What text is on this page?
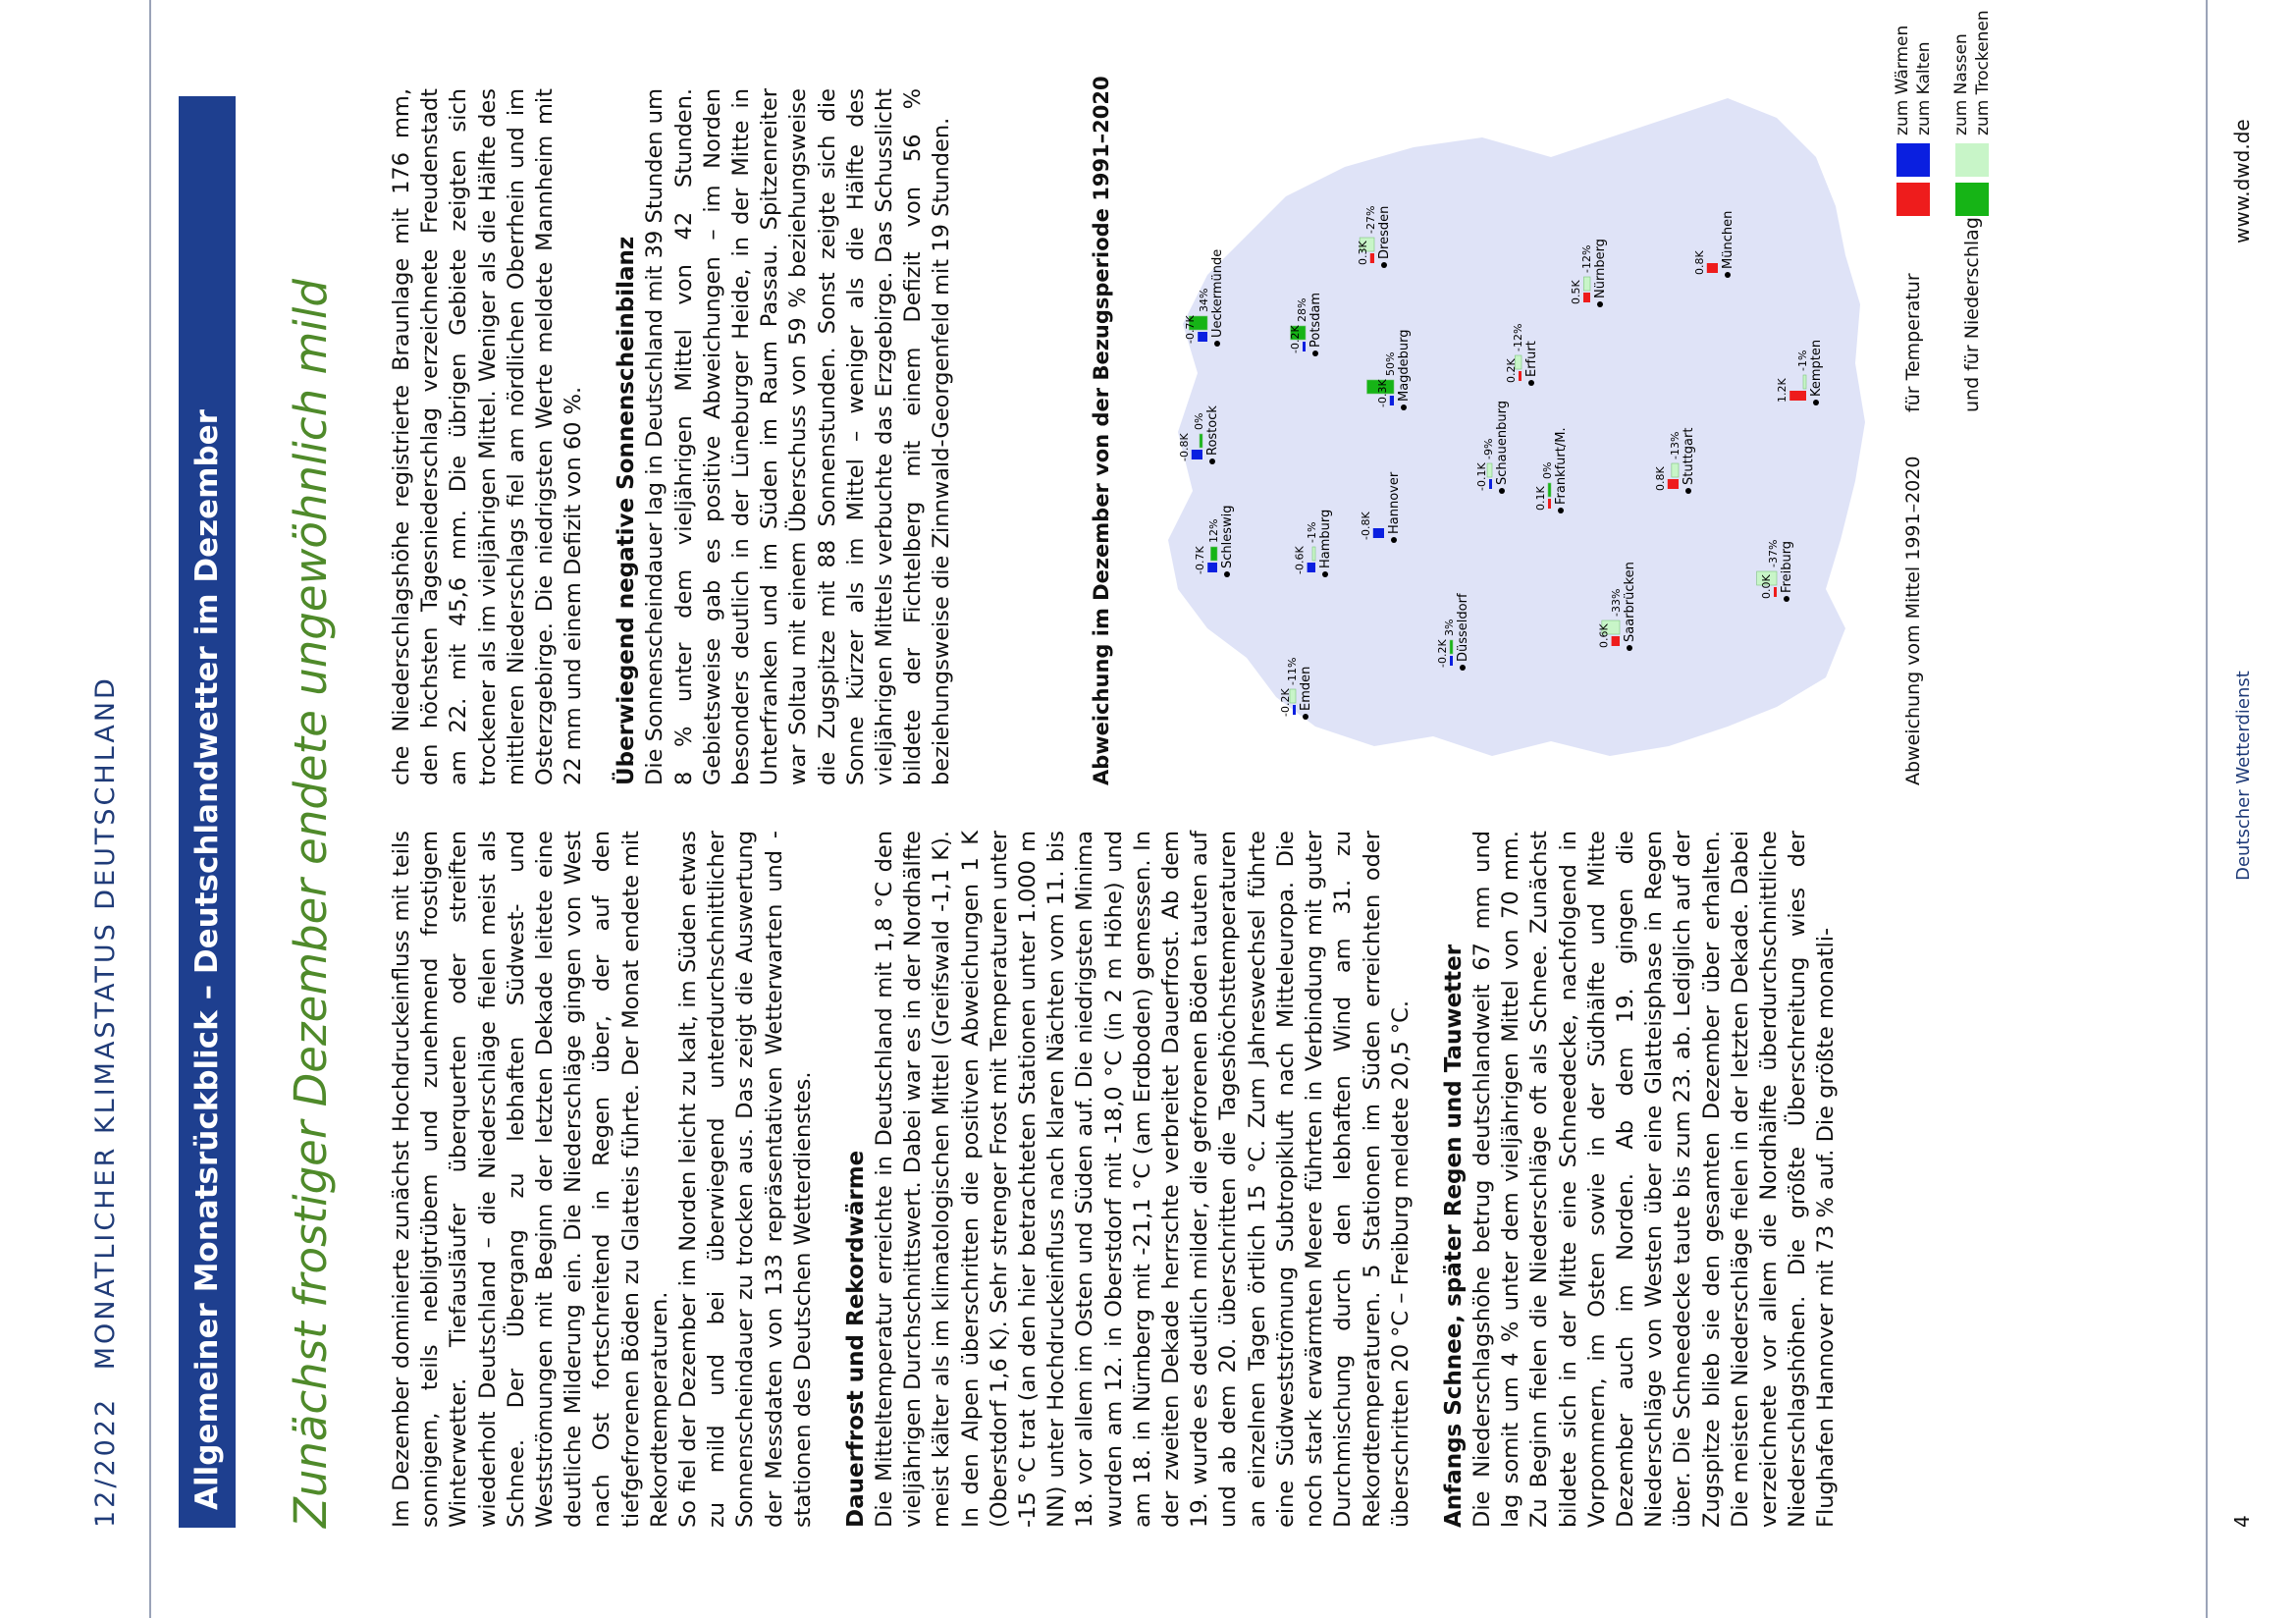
12/2022 MONATLICHER KLIMASTATUS DEUTSCHLAND	Allgemeiner Monatsrückblick – Deutschlandwetter im Dezember Zunächst frostiger Dezember endete ungewöhnlich mild Im Dezember dominierte zunächst Hochdruckeinfluss mit teils sonnigem, teils nebligtrübem und zunehmend frostigem Winterwetter. Tiefausläufer überquerten oder streiften wiederholt Deutschland – die Niederschläge fielen meist als Schnee. Der Übergang zu lebhaften Südwest- und Westströmungen mit Beginn der letzten Dekade leitete eine deutliche Milderung ein. Die Niederschläge gingen von West nach Ost fortschreitend in Regen über, der auf den tiefgefrorenen Böden zu Glatteis führte. Der Monat endete mit Rekordtemperaturen. So fiel der Dezember im Norden leicht zu kalt, im Süden etwas zu mild und bei überwiegend unterdurchschnittlicher Sonnenscheindauer zu trocken aus. Das zeigt die Auswertung der Messdaten von 133 repräsentativen Wetterwarten und -stationen des Deutschen Wetterdienstes. Dauerfrost und Rekordwärme Die Mitteltemperatur erreichte in Deutschland mit 1,8 °C den vieljährigen Durchschnittswert. Dabei war es in der Nordhälfte meist kälter als im klimatologischen Mittel (Greifswald -1,1 K). In den Alpen überschritten die positiven Abweichungen 1 K (Oberstdorf 1,6 K). Sehr strenger Frost mit Temperaturen unter -15 °C trat (an den hier betrachteten Stationen unter 1.000 m NN) unter Hochdruckeinfluss nach klaren Nächten vom 11. bis 18. vor allem im Osten und Süden auf. Die niedrigsten Minima wurden am 12. in Oberstdorf mit -18,0 °C (in 2 m Höhe) und am 18. in Nürnberg mit -21,1 °C (am Erdboden) gemessen. In der zweiten Dekade herrschte verbreitet Dauerfrost. Ab dem 19. wurde es deutlich milder, die gefrorenen Böden tauten auf und ab dem 20. überschritten die Tageshöchsttemperaturen an einzelnen Tagen örtlich 15 °C. Zum Jahreswechsel führte eine Südwestströmung Subtropikluft nach Mitteleuropa. Die noch stark erwärmten Meere führten in Verbindung mit guter Durchmischung durch den lebhaften Wind am 31. zu Rekordtemperaturen. 5 Stationen im Süden erreichten oder überschritten 20 °C – Freiburg meldete 20,5 °C. Anfangs Schnee, später Regen und Tauwetter Die Niederschlagshöhe betrug deutschlandweit 67 mm und lag somit um 4 % unter dem vieljährigen Mittel von 70 mm. Zu Beginn fielen die Niederschläge oft als Schnee. Zunächst bildete sich in der Mitte eine Schneedecke, nachfolgend in Vorpommern, im Osten sowie in der Südhälfte und Mitte Dezember auch im Norden. Ab dem 19. gingen die Niederschläge von Westen über eine Glatteisphase in Regen über. Die Schneedecke taute bis zum 23. ab. Lediglich auf der Zugspitze blieb sie den gesamten Dezember über erhalten. Die meisten Niederschläge fielen in der letzten Dekade. Dabei verzeichnete vor allem die Nordhälfte überdurchschnittliche Niederschlagshöhen. Die größte Überschreitung wies der Flughafen Hannover mit 73 % auf. Die größte monatli-

che Niederschlagshöhe registrierte Braunlage mit 176 mm, den höchsten Tagesniederschlag verzeichnete Freudenstadt am 22. mit 45,6 mm. Die übrigen Gebiete zeigten sich trockener als im vieljährigen Mittel. Weniger als die Hälfte des mittleren Niederschlags fiel am nördlichen Oberrhein und im Osterzgebirge. Die niedrigsten Werte meldete Mannheim mit 22 mm und einem Defizit von 60 %. Überwiegend negative Sonnenscheinbilanz Die Sonnenscheindauer lag in Deutschland mit 39 Stunden um 8 % unter dem vieljährigen Mittel von 42 Stunden. Gebietsweise gab es positive Abweichungen – im Norden besonders deutlich in der Lüneburger Heide, in der Mitte in Unterfranken und im Süden im Raum Passau. Spitzenreiter war Soltau mit einem Überschuss von 59 % beziehungsweise die Zugspitze mit 88 Sonnenstunden. Sonst zeigte sich die Sonne kürzer als im Mittel – weniger als die Hälfte des vieljährigen Mittels verbuchte das Erzgebirge. Das Schusslicht bildete der Fichtelberg mit einem Defizit von 56 % beziehungsweise die Zinnwald-Georgenfeld mit 19 Stunden.	Abweichung im Dezember von der Bezugsperiode 1991–2020	Schleswig
-0.7K
12%
Rostock
-0.8K
0%
Ueckermünde
-0.7K
34%
Emden
-0.2K
-11%
Hamburg
-0.6K
-1%
Potsdam
-0.2K
28%
Hannover
-0.8K
Magdeburg
-0.3K
50%
Dresden
0.3K
-27%
Düsseldorf
-0.2K
3%
Schauenburg
-0.1K
-9%
Erfurt
0.2K
-12%
Frankfurt/M.
0.1K
0%
Nürnberg
0.5K
-12%
Saarbrücken
0.6K
-33%
Stuttgart
0.8K
-13%
München
0.8K
Freiburg
0.0K
-37%
Kempten
1.2K
-1%
Abweichung vom Mittel 1991–2020
für Temperatur und für Niederschlag
zum Wärmen zum Kalten zum Nassen zum Trockenen
4 Deutscher Wetterdienst
www.dwd.de
